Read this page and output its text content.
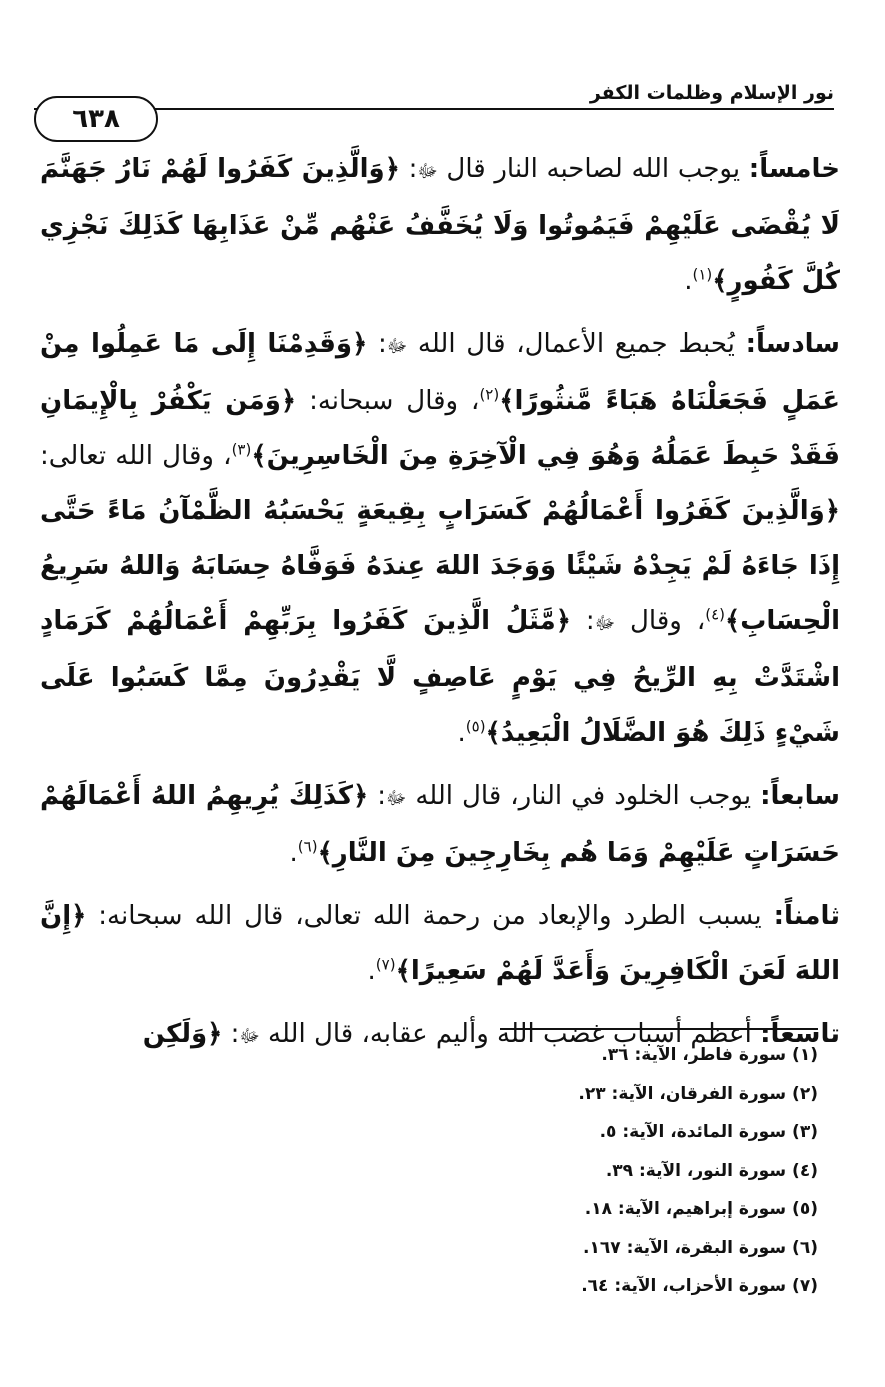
نور الإسلام وظلمات الكفر
٦٣٨

خامساً: يوجب الله لصاحبه النار قال ﷻ: ﴿وَالَّذِينَ كَفَرُوا لَهُمْ نَارُ جَهَنَّمَ لَا يُقْضَى عَلَيْهِمْ فَيَمُوتُوا وَلَا يُخَفَّفُ عَنْهُم مِّنْ عَذَابِهَا كَذَلِكَ نَجْزِي كُلَّ كَفُورٍ﴾$^{(١)}$.

سادساً: يُحبط جميع الأعمال، قال الله ﷻ: ﴿وَقَدِمْنَا إِلَى مَا عَمِلُوا مِنْ عَمَلٍ فَجَعَلْنَاهُ هَبَاءً مَّنثُورًا﴾$^{(٢)}$، وقال سبحانه: ﴿وَمَن يَكْفُرْ بِالْإِيمَانِ فَقَدْ حَبِطَ عَمَلُهُ وَهُوَ فِي الْآخِرَةِ مِنَ الْخَاسِرِينَ﴾$^{(٣)}$، وقال الله تعالى: ﴿وَالَّذِينَ كَفَرُوا أَعْمَالُهُمْ كَسَرَابٍ بِقِيعَةٍ يَحْسَبُهُ الظَّمْآنُ مَاءً حَتَّى إِذَا جَاءَهُ لَمْ يَجِدْهُ شَيْئًا وَوَجَدَ اللهَ عِندَهُ فَوَفَّاهُ حِسَابَهُ وَاللهُ سَرِيعُ الْحِسَابِ﴾$^{(٤)}$، وقال ﷻ: ﴿مَّثَلُ الَّذِينَ كَفَرُوا بِرَبِّهِمْ أَعْمَالُهُمْ كَرَمَادٍ اشْتَدَّتْ بِهِ الرِّيحُ فِي يَوْمٍ عَاصِفٍ لَّا يَقْدِرُونَ مِمَّا كَسَبُوا عَلَى شَيْءٍ ذَلِكَ هُوَ الضَّلَالُ الْبَعِيدُ﴾$^{(٥)}$.

سابعاً: يوجب الخلود في النار، قال الله ﷻ: ﴿كَذَلِكَ يُرِيهِمُ اللهُ أَعْمَالَهُمْ حَسَرَاتٍ عَلَيْهِمْ وَمَا هُم بِخَارِجِينَ مِنَ النَّارِ﴾$^{(٦)}$.

ثامناً: يسبب الطرد والإبعاد من رحمة الله تعالى، قال الله سبحانه: ﴿إِنَّ اللهَ لَعَنَ الْكَافِرِينَ وَأَعَدَّ لَهُمْ سَعِيرًا﴾$^{(٧)}$.

تاسعاً: أعظم أسباب غضب الله وأليم عقابه، قال الله ﷻ: ﴿وَلَكِن

(١)سورة فاطر، الآية: ٣٦.
(٢)سورة الفرقان، الآية: ٢٣.
(٣)سورة المائدة، الآية: ٥.
(٤)سورة النور، الآية: ٣٩.
(٥)سورة إبراهيم، الآية: ١٨.
(٦)سورة البقرة، الآية: ١٦٧.
(٧)سورة الأحزاب، الآية: ٦٤.
